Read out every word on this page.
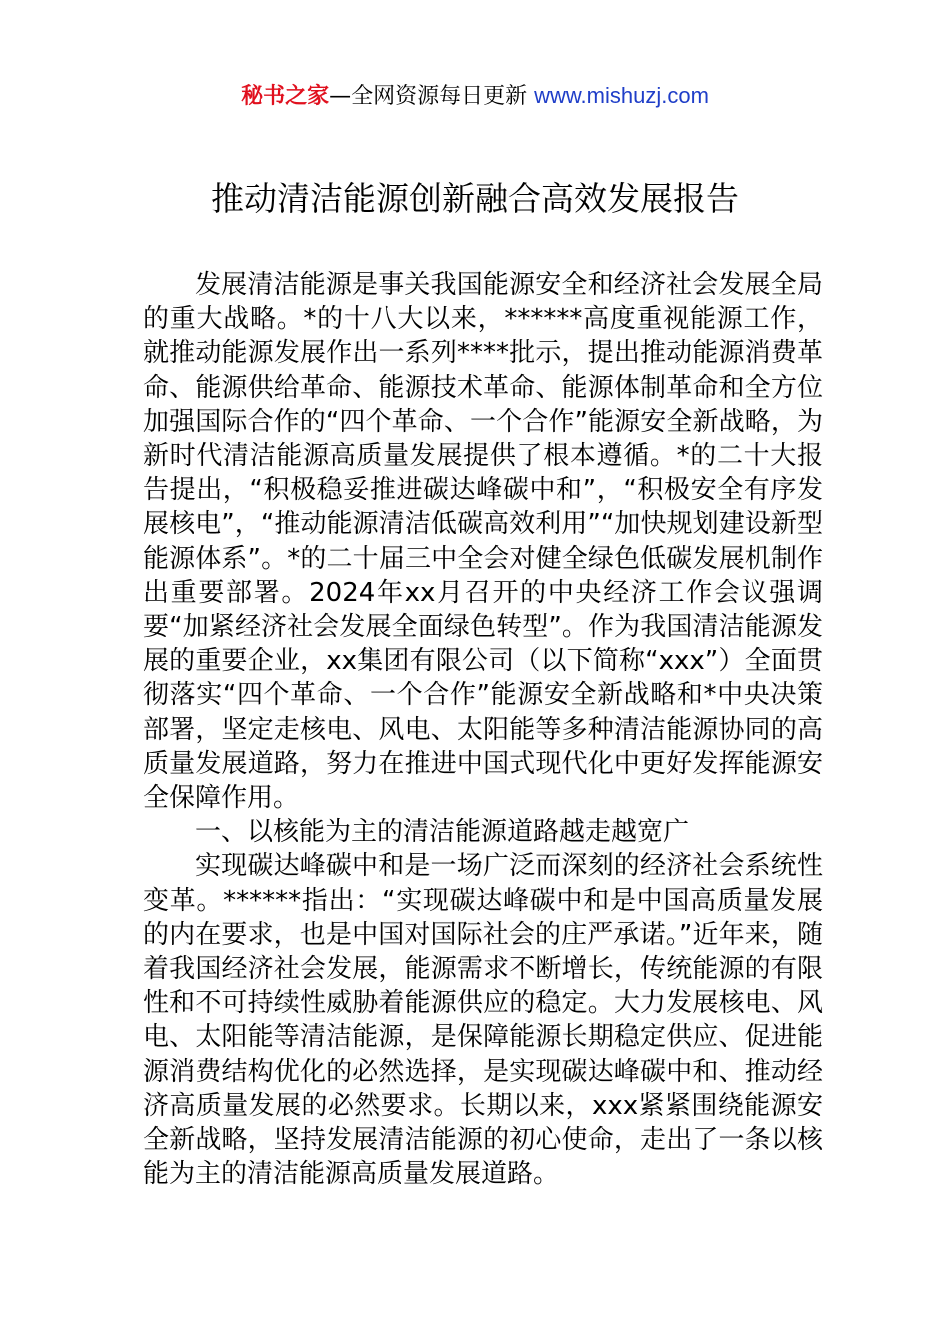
秘书之家—全网资源每日更新 www.mishuzj.com
推动清洁能源创新融合高效发展报告

发展清洁能源是事关我国能源安全和经济社会发展全局的重大战略。*的十八大以来，******高度重视能源工作，就推动能源发展作出一系列****批示，提出推动能源消费革命、能源供给革命、能源技术革命、能源体制革命和全方位加强国际合作的“四个革命、一个合作”能源安全新战略，为新时代清洁能源高质量发展提供了根本遵循。*的二十大报告提出，“积极稳妥推进碳达峰碳中和”，“积极安全有序发展核电”，“推动能源清洁低碳高效利用”“加快规划建设新型能源体系”。*的二十届三中全会对健全绿色低碳发展机制作出重要部署。2024年xx月召开的中央经济工作会议强调要“加紧经济社会发展全面绿色转型”。作为我国清洁能源发展的重要企业，xx集团有限公司（以下简称“xxx”）全面贯彻落实“四个革命、一个合作”能源安全新战略和*中央决策部署，坚定走核电、风电、太阳能等多种清洁能源协同的高质量发展道路，努力在推进中国式现代化中更好发挥能源安全保障作用。

一、以核能为主的清洁能源道路越走越宽广

实现碳达峰碳中和是一场广泛而深刻的经济社会系统性变革。******指出：“实现碳达峰碳中和是中国高质量发展的内在要求，也是中国对国际社会的庄严承诺。”近年来，随着我国经济社会发展，能源需求不断增长，传统能源的有限性和不可持续性威胁着能源供应的稳定。大力发展核电、风电、太阳能等清洁能源，是保障能源长期稳定供应、促进能源消费结构优化的必然选择，是实现碳达峰碳中和、推动经济高质量发展的必然要求。长期以来，xxx紧紧围绕能源安全新战略，坚持发展清洁能源的初心使命，走出了一条以核能为主的清洁能源高质量发展道路。
